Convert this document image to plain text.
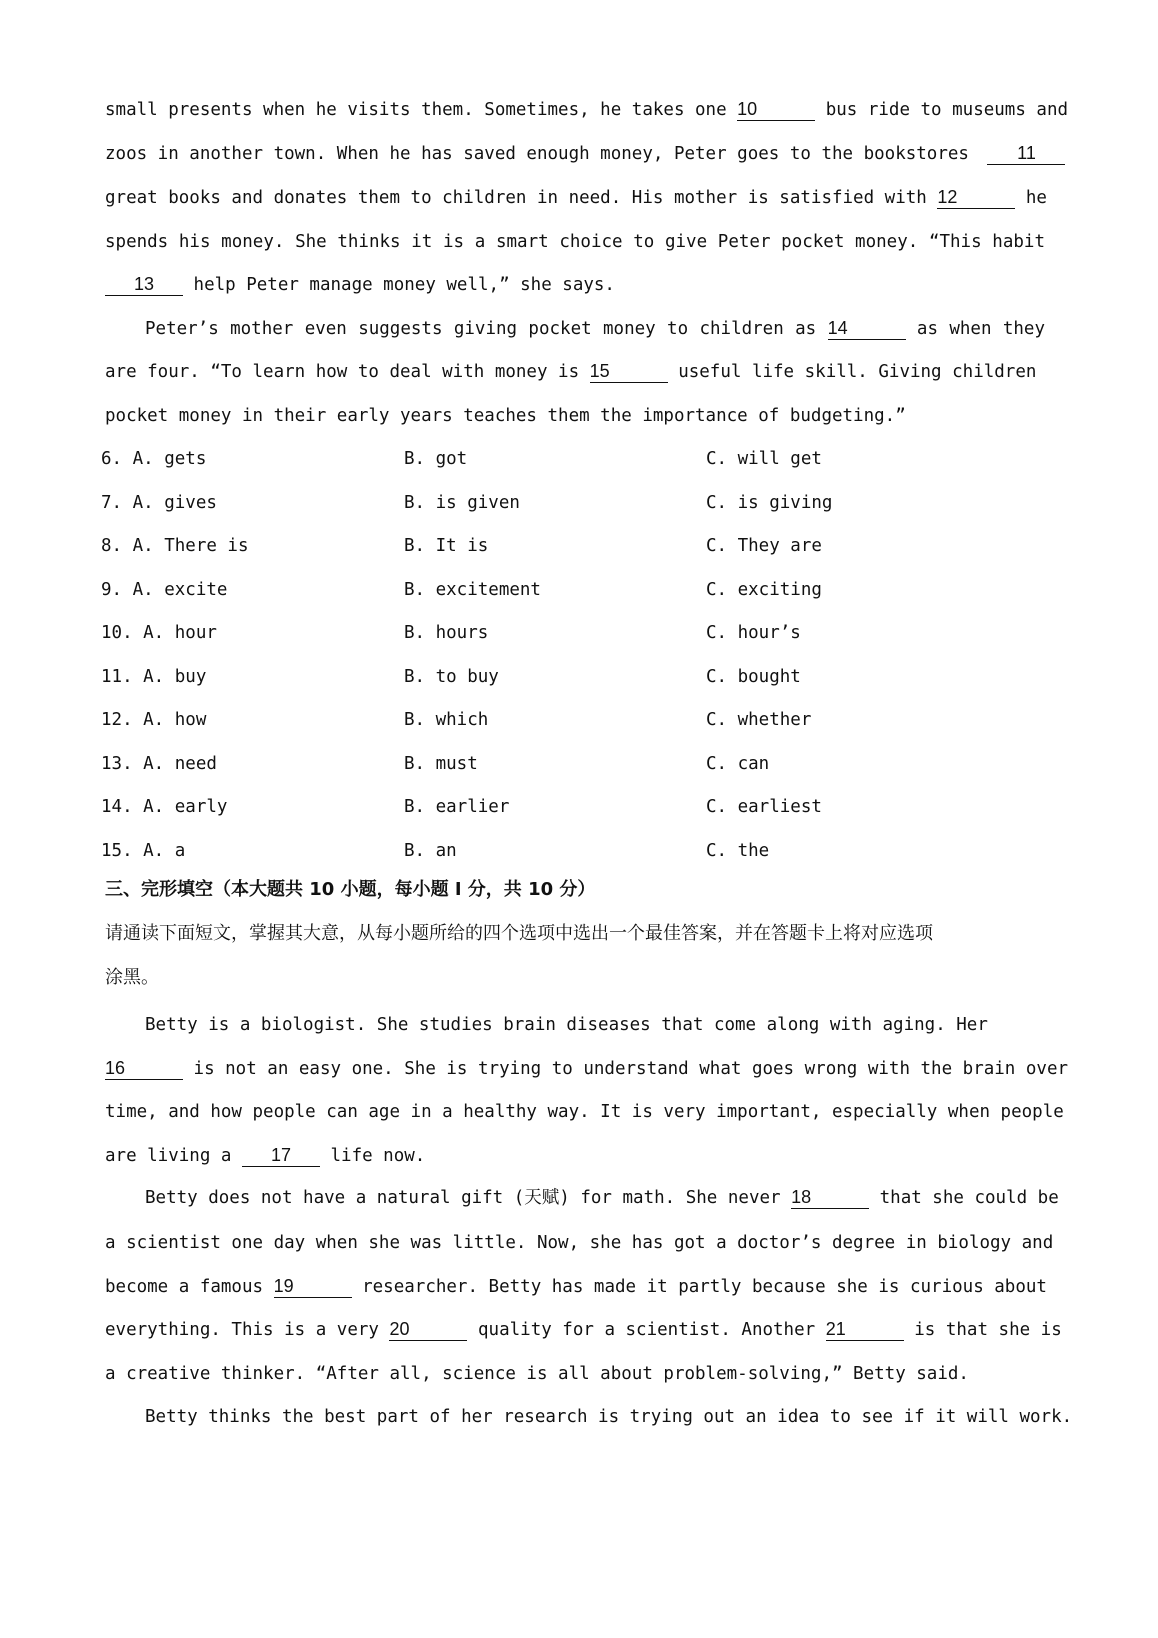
small presents when he visits them. Sometimes, he takes one 10	bus ride to museums and
zoos in another town. When he has saved enough money, Peter goes to the bookstores 11
great books and donates them to children in need. His mother is satisfied with 12	he
spends his money. She thinks it is a smart choice to give Peter pocket money. “This habit
13 help Peter manage money well,” she says.
Peter’s mother even suggests giving pocket money to children as 14	as when they
are four. “To learn how to deal with money is 15	useful life skill. Giving children
pocket money in their early years teaches them the importance of budgeting.”
6. A. gets	B. got	C. will get
7. A. gives	B. is given	C. is giving
8. A. There is	B. It is	C. They are
9. A. excite	B. excitement	C. exciting
10. A. hour	B. hours	C. hour’s
11. A. buy	B. to buy	C. bought
12. A. how	B. which	C. whether
13. A. need	B. must	C. can
14. A. early	B. earlier	C. earliest
15. A. a	B. an	C. the
三、完形填空（本大题共 10 小题，每小题 I 分，共 10 分）
请通读下面短文，掌握其大意，从每小题所给的四个选项中选出一个最佳答案，并在答题卡上将对应选项
涂黑。
Betty is a biologist. She studies brain diseases that come along with aging. Her
16	is not an easy one. She is trying to understand what goes wrong with the brain over
time, and how people can age in a healthy way. It is very important, especially when people
are living a 17 life now.
Betty does not have a natural gift (天赋) for math. She never 18	that she could be
a scientist one day when she was little. Now, she has got a doctor’s degree in biology and
become a famous 19	researcher. Betty has made it partly because she is curious about
everything. This is a very 20	quality for a scientist. Another 21	is that she is
a creative thinker. “After all, science is all about problem-solving,” Betty said.
Betty thinks the best part of her research is trying out an idea to see if it will work.
